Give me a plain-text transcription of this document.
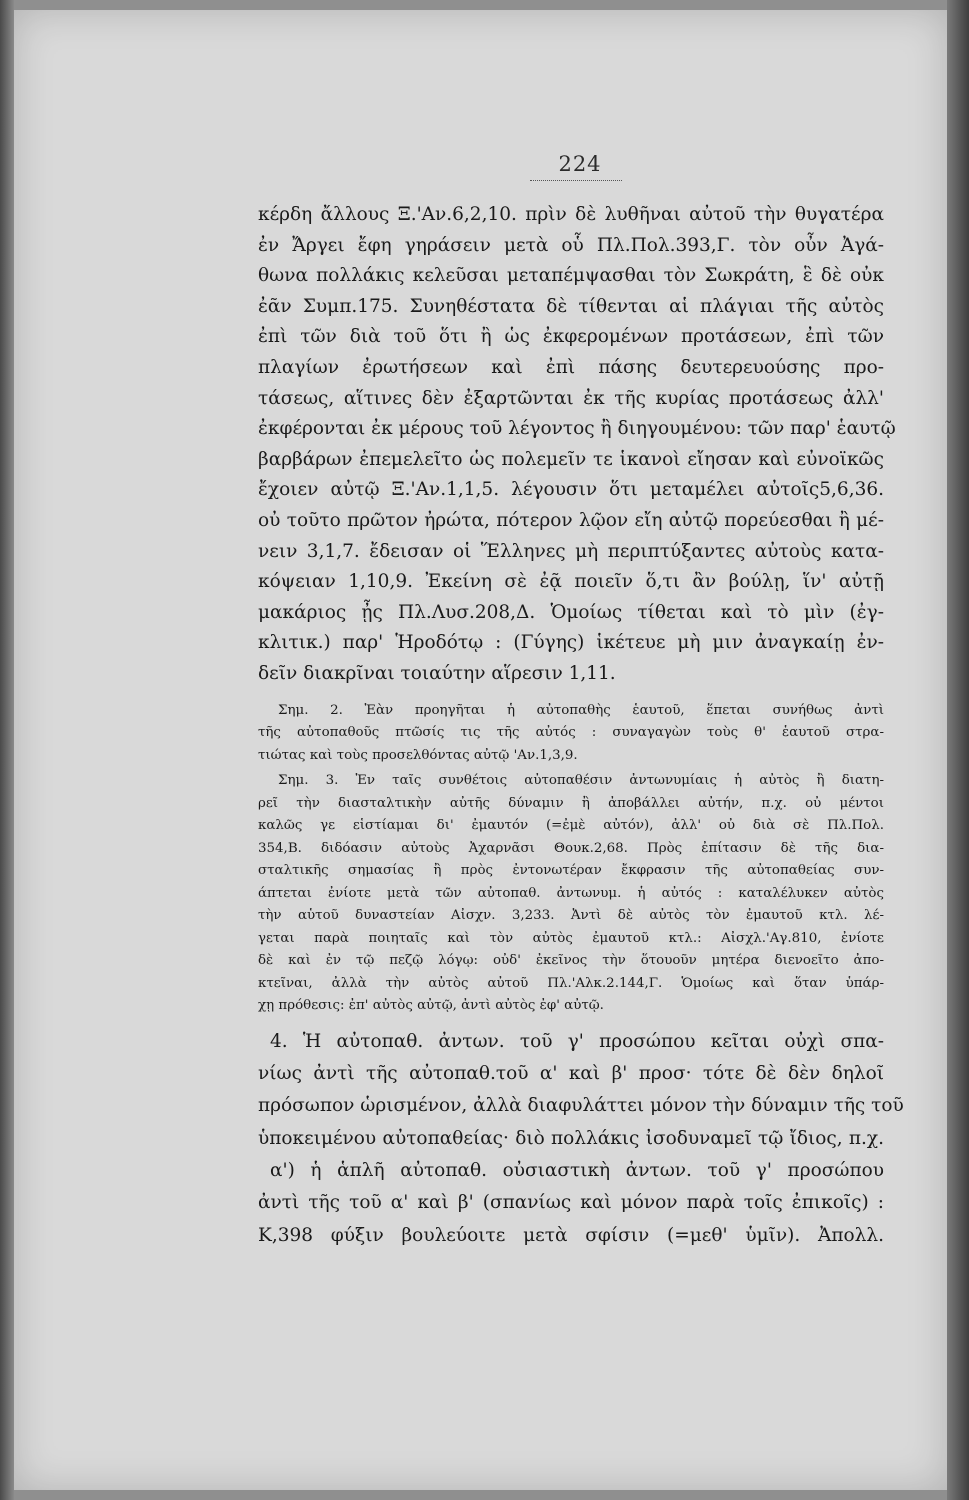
224
κέρδη ἄλλους Ξ.'Αν.6,2,10. πρὶν δὲ λυθῆναι αὐτοῦ τὴν θυγατέρα
ἐν Ἄργει ἔφη γηράσειν μετὰ οὗ Πλ.Πολ.393,Γ. τὸν οὖν Ἀγά-
θωνα πολλάκις κελεῦσαι μεταπέμψασθαι τὸν Σωκράτη, ἓ δὲ οὐκ
ἐᾶν Συμπ.175. Συνηθέστατα δὲ τίθενται αἱ πλάγιαι τῆς αὐτὸς
ἐπὶ τῶν διὰ τοῦ ὅτι ἢ ὡς ἐκφερομένων προτάσεων, ἐπὶ τῶν
πλαγίων ἐρωτήσεων καὶ ἐπὶ πάσης δευτερευούσης προ-
τάσεως, αἵτινες δὲν ἐξαρτῶνται ἐκ τῆς κυρίας προτάσεως ἀλλ'
ἐκφέρονται ἐκ μέρους τοῦ λέγοντος ἢ διηγουμένου: τῶν παρ' ἑαυτῷ
βαρβάρων ἐπεμελεῖτο ὡς πολεμεῖν τε ἱκανοὶ εἴησαν καὶ εὐνοϊκῶς
ἔχοιεν αὐτῷ Ξ.'Αν.1,1,5. λέγουσιν ὅτι μεταμέλει αὐτοῖς5,6,36.
οὐ τοῦτο πρῶτον ἠρώτα, πότερον λῷον εἴη αὐτῷ πορεύεσθαι ἢ μέ-
νειν 3,1,7. ἔδεισαν οἱ Ἕλληνες μὴ περιπτύξαντες αὐτοὺς κατα-
κόψειαν 1,10,9. Ἐκείνη σὲ ἐᾷ ποιεῖν ὅ,τι ἂν βούλῃ, ἵν' αὐτῇ
μακάριος ᾖς Πλ.Λυσ.208,Δ. Ὁμοίως τίθεται καὶ τὸ μὶν (ἐγ-
κλιτικ.) παρ' Ἡροδότῳ : (Γύγης) ἱκέτευε μὴ μιν ἀναγκαίῃ ἐν-
δεῖν διακρῖναι τοιαύτην αἵρεσιν 1,11.
Σημ. 2. Ἐὰν προηγῆται ἡ αὐτοπαθὴς ἑαυτοῦ, ἕπεται συνήθως ἀντὶ
τῆς αὐτοπαθοῦς πτῶσίς τις τῆς αὐτός : συναγαγὼν τοὺς θ' ἑαυτοῦ στρα-
τιώτας καὶ τοὺς προσελθόντας αὐτῷ 'Αν.1,3,9.
Σημ. 3. Ἐν ταῖς συνθέτοις αὐτοπαθέσιν ἀντωνυμίαις ἡ αὐτὸς ἢ διατη-
ρεῖ τὴν διασταλτικὴν αὐτῆς δύναμιν ἢ ἀποβάλλει αὐτήν, π.χ. οὐ μέντοι
καλῶς γε εἱστίαμαι δι' ἐμαυτόν (=ἐμὲ αὐτόν), ἀλλ' οὐ διὰ σὲ Πλ.Πολ.
354,Β. διδόασιν αὐτοὺς Ἀχαρνᾶσι Θουκ.2,68. Πρὸς ἐπίτασιν δὲ τῆς δια-
σταλτικῆς σημασίας ἢ πρὸς ἐντονωτέραν ἔκφρασιν τῆς αὐτοπαθείας συν-
άπτεται ἐνίοτε μετὰ τῶν αὐτοπαθ. ἀντωνυμ. ἡ αὐτός : καταλέλυκεν αὐτὸς
τὴν αὑτοῦ δυναστείαν Αἰσχν. 3,233. Ἀντὶ δὲ αὐτὸς τὸν ἐμαυτοῦ κτλ. λέ-
γεται παρὰ ποιηταῖς καὶ τὸν αὐτὸς ἐμαυτοῦ κτλ.: Αἰσχλ.'Αγ.810, ἐνίοτε
δὲ καὶ ἐν τῷ πεζῷ λόγῳ: οὐδ' ἐκεῖνος τὴν ὅτουοῦν μητέρα διενοεῖτο ἀπο-
κτεῖναι, ἀλλὰ τὴν αὐτὸς αὐτοῦ Πλ.'Αλκ.2.144,Γ. Ὁμοίως καὶ ὅταν ὑπάρ-
χῃ πρόθεσις: ἐπ' αὐτὸς αὐτῷ, ἀντὶ αὐτὸς ἐφ' αὐτῷ.
4. Ἡ αὐτοπαθ. ἀντων. τοῦ γ' προσώπου κεῖται οὐχὶ σπα-
νίως ἀντὶ τῆς αὐτοπαθ.τοῦ α' καὶ β' προσ· τότε δὲ δὲν δηλοῖ
πρόσωπον ὡρισμένον, ἀλλὰ διαφυλάττει μόνον τὴν δύναμιν τῆς τοῦ
ὑποκειμένου αὐτοπαθείας· διὸ πολλάκις ἰσοδυναμεῖ τῷ ἴδιος, π.χ.
α') ἡ ἁπλῆ αὐτοπαθ. οὐσιαστικὴ ἀντων. τοῦ γ' προσώπου
ἀντὶ τῆς τοῦ α' καὶ β' (σπανίως καὶ μόνον παρὰ τοῖς ἐπικοῖς) :
Κ,398 φύξιν βουλεύοιτε μετὰ σφίσιν (=μεθ' ὑμῖν). Ἀπολλ.
